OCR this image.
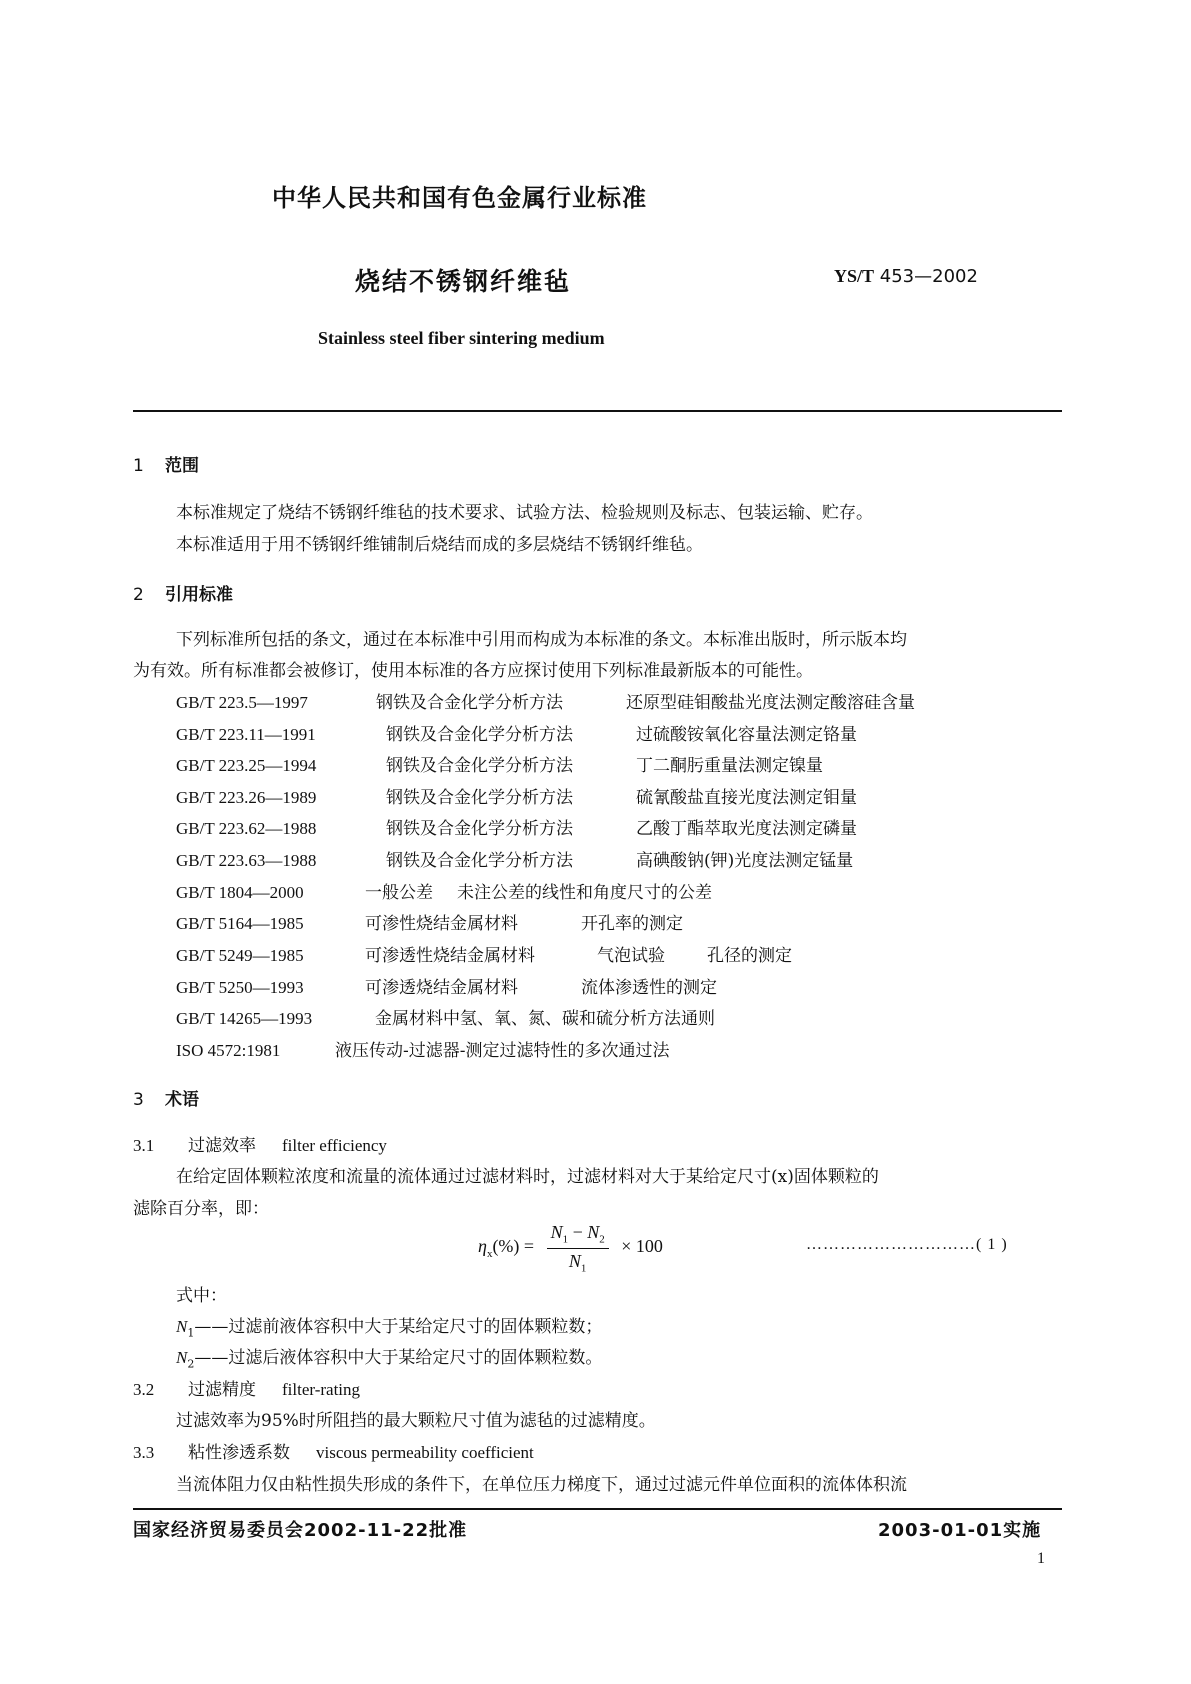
中华人民共和国有色金属行业标准
烧结不锈钢纤维毡	YS/T 453—2002
Stainless steel fiber sintering medium
1 范围
本标准规定了烧结不锈钢纤维毡的技术要求、试验方法、检验规则及标志、包装运输、贮存。
本标准适用于用不锈钢纤维铺制后烧结而成的多层烧结不锈钢纤维毡。
2 引用标准
下列标准所包括的条文，通过在本标准中引用而构成为本标准的条文。本标准出版时，所示版本均
为有效。所有标准都会被修订，使用本标准的各方应探讨使用下列标准最新版本的可能性。
GB/T 223.5—1997	钢铁及合金化学分析方法	还原型硅钼酸盐光度法测定酸溶硅含量
GB/T 223.11—1991	钢铁及合金化学分析方法	过硫酸铵氧化容量法测定铬量
GB/T 223.25—1994	钢铁及合金化学分析方法	丁二酮肟重量法测定镍量
GB/T 223.26—1989	钢铁及合金化学分析方法	硫氰酸盐直接光度法测定钼量
GB/T 223.62—1988	钢铁及合金化学分析方法	乙酸丁酯萃取光度法测定磷量
GB/T 223.63—1988	钢铁及合金化学分析方法	高碘酸钠(钾)光度法测定锰量
GB/T 1804—2000	一般公差 未注公差的线性和角度尺寸的公差
GB/T 5164—1985	可渗性烧结金属材料	开孔率的测定
GB/T 5249—1985	可渗透性烧结金属材料	气泡试验 孔径的测定
GB/T 5250—1993	可渗透烧结金属材料	流体渗透性的测定
GB/T 14265—1993	金属材料中氢、氧、氮、碳和硫分析方法通则
ISO 4572:1981	液压传动-过滤器-测定过滤特性的多次通过法
3 术语
3.1 过滤效率 filter efficiency
在给定固体颗粒浓度和流量的流体通过过滤材料时，过滤材料对大于某给定尺寸(x)固体颗粒的
滤除百分率，即：
$\eta_x(\%) = \frac{N_1 - N_2}{N_1} \times 100$	…………………………( 1 )
式中：
$N_1——$过滤前液体容积中大于某给定尺寸的固体颗粒数；
$N_2——$过滤后液体容积中大于某给定尺寸的固体颗粒数。
3.2 过滤精度 filter-rating
过滤效率为95%时所阻挡的最大颗粒尺寸值为滤毡的过滤精度。
3.3 粘性渗透系数 viscous permeability coefficient
当流体阻力仅由粘性损失形成的条件下，在单位压力梯度下，通过过滤元件单位面积的流体体积流
国家经济贸易委员会2002-11-22批准	2003-01-01实施
1
